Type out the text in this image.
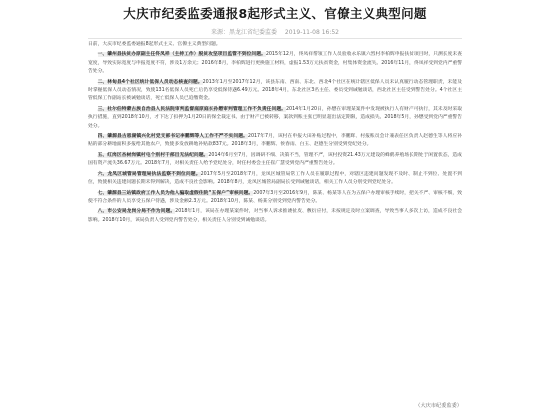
大庆市纪委监委通报8起形式主义、官僚主义典型问题
来源：黑龙江省纪委监委 2019-11-08 16:52

日前，大庆市纪委监委通报8起形式主义、官僚主义典型问题。

一、肇州县扶贫办原副主任佟凤祥（主持工作）脱贫攻坚项目监管不到位问题。2015年12月，佟凤祥帮领工作人员验收永乐镇六烈村李柏辉申报扶贫项目时，只测长度未查宽度，导致实际宽度与申报宽度不符，涉及1万余元；2016年8月，李柏辉进行更换施工材料，虚报1.53万元扶贫资金，村集体资金流失。2016年11月，佟凤祥受到党内严重警告处分。

二、林甸县4个社区统计低保人员动态核查问题。2013年1月至2017年12月，该县东南、西南、东北、西北4个社区在统计辖区低保人员未认真履行动态管理职责，未能及时掌握低保人员动态情况，致使131名低保人员死亡后仍享受低保待遇6.49万元。2018年4月，东北社区3名主任、委员受到诫勉谈话，西北社区主任受到警告处分。4个社区主管低保工作副站长被诫勉谈话，死亡低保人员已追缴资金。

三、杜尔伯特蒙古族自治县人民法院审判监督庭原庭长孙懋审判管理工作不负责任问题。2014年1月20日，孙懋在审理某案件中发现被执行人有财产可执行，其未及时采取执行措施，直到2018年10月，才下达了扣押为1月20日的保全裁定书。由于财产已被转移，案款到账主张已明显超出法定期限，造成损失。2018年5月，孙懋受到党内严重警告处分。

四、肇源县古恩湖镇兴化村党支部书记李鹏辉等人工作不严不实问题。2017年7月，该村在申报大田补贴过程中，李鹏辉、村报账员会计兼表任区负责人赵德生等人将应补贴的部分耕地面积多报给其他农户，致使多发放耕地补贴款837元。2018年3月，李鹏辉、侯春雨、白玉、赵德生分别受到党纪处分。

五、红岗区杏树岗镇村屯个别村干部目无法纪问题。2014年6月至7月，因调研不细、决策不当，管理不严，该村投资21.43万元建设的蜂鹤养殖场长期处于闲置状态，造成国有资产流失36.67万元。2018年7月，对相关责任人给予党纪处分，时任村委会主任崔广慧受到党内严重警告处分。

六、龙凤区城管局管理局执法监察不到位问题。2017年5月至2018年7月，龙凤区城管局常工作人员在履职过程中，对辖区违建问题发现不及时、制止不到位、处置不到位，致使相关违建问题长期未得到解决，造成不良社会影响。2018年8月，龙凤区城管局副局长受到诫勉谈话，相关工作人员分别受到党纪处分。

七、肇源县三站镇政府工作人员为他人骗取虚假住院“五保户”审核问题。2007年3月至2016年9月，陈某、杨某等人在为五保户办理审核手续时，把关不严、审核不细，致使不符合条件的人员享受五保户待遇，涉及金额2.3万元。2018年10月，陈某、杨某分别受到党内警告处分。

八、市公安局龙岗分局不作为问题。2018年1月，该局在办理某案件时，对当事人诉求推诿扯皮、敷衍应付，未按规定及时立案调查，导致当事人多次上访，造成不良社会影响。2018年10月，该局负责人受到党内警告处分，相关责任人分别受到诫勉谈话。

（大庆市纪委监委）
